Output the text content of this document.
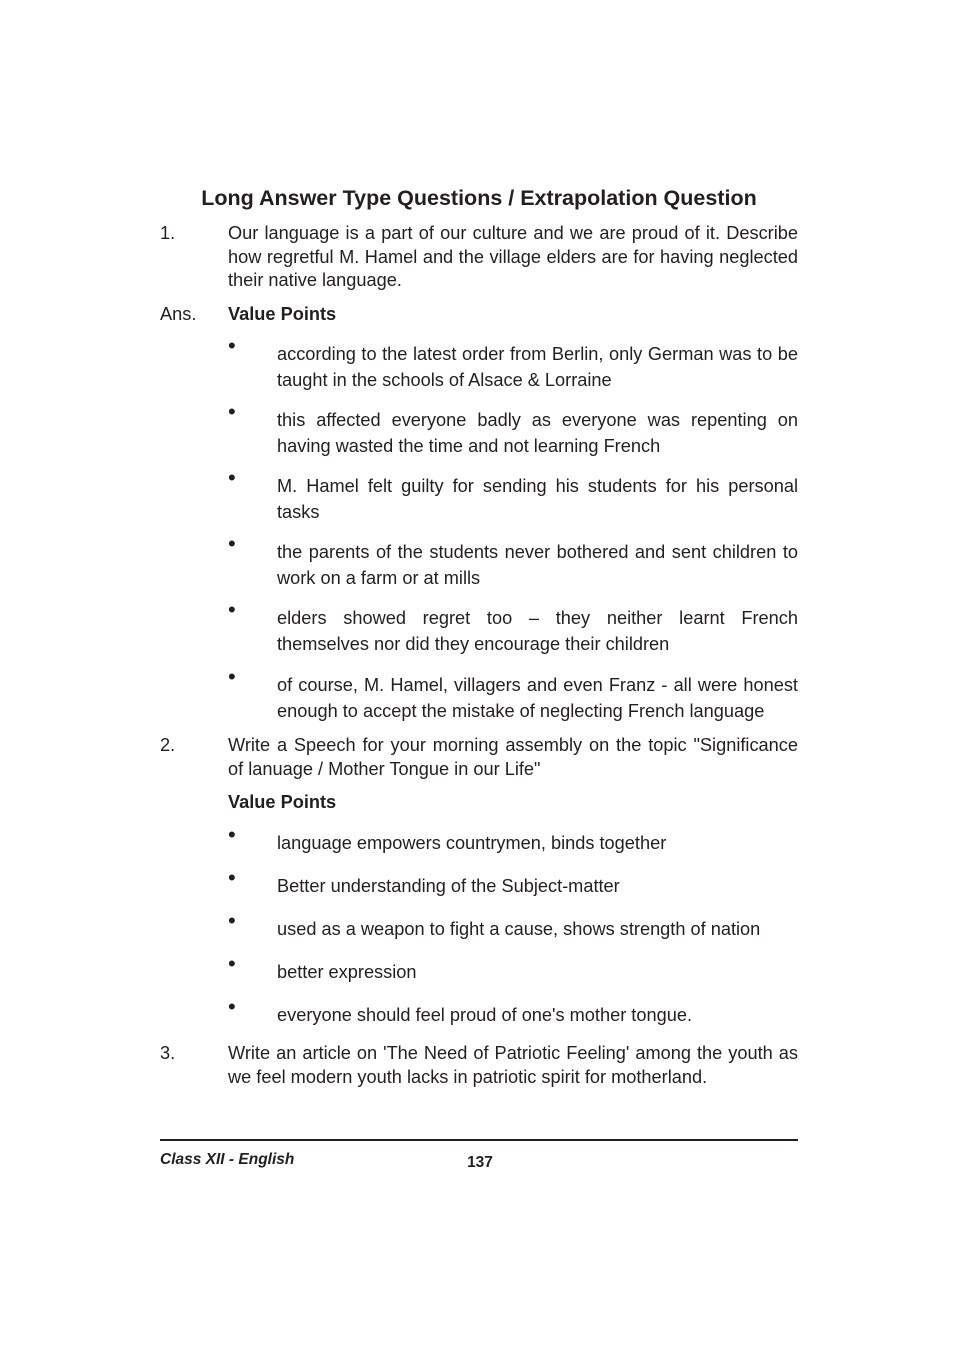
Long Answer Type Questions / Extrapolation Question
1.	Our language is a part of our culture and we are proud of it. Describe how regretful M. Hamel and the village elders are for having neglected their native language.
Ans. Value Points
• according to the latest order from Berlin, only German was to be taught in the schools of Alsace & Lorraine
• this affected everyone badly as everyone was repenting on having wasted the time and not learning French
• M. Hamel felt guilty for sending his students for his personal tasks
• the parents of the students never bothered and sent children to work on a farm or at mills
• elders showed regret too – they neither learnt French themselves nor did they encourage their children
• of course, M. Hamel, villagers and even Franz - all were honest enough to accept the mistake of neglecting French language
2.	Write a Speech for your morning assembly on the topic "Significance of lanuage / Mother Tongue in our Life"
Value Points
• language empowers countrymen, binds together
• Better understanding of the Subject-matter
• used as a weapon to fight a cause, shows strength of nation
• better expression
• everyone should feel proud of one's mother tongue.
3.	Write an article on 'The Need of Patriotic Feeling' among the youth as we feel modern youth lacks in patriotic spirit for motherland.
Class XII - English	137
